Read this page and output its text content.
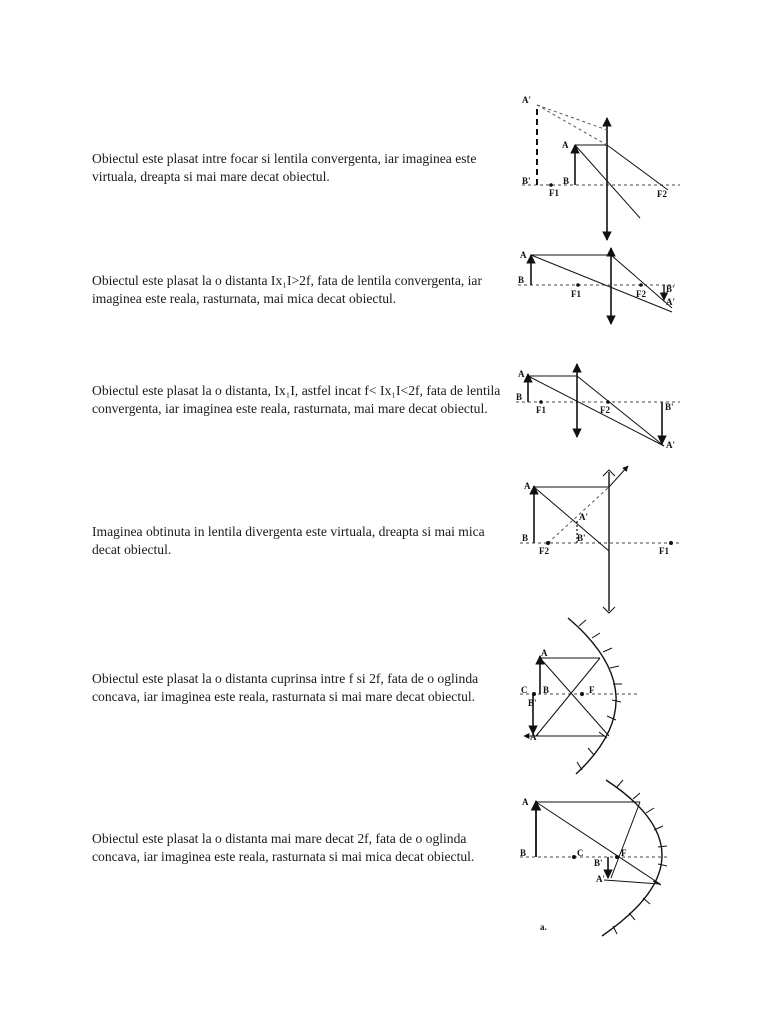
Obiectul este plasat intre focar si lentila convergenta, iar imaginea este virtuala, dreapta si mai mare decat obiectul.

A'
A
B'	B
F1	F2

Obiectul este plasat la o distanta Ix₁I>2f, fata de lentila convergenta, iar imaginea este reala, rasturnata, mai mica decat obiectul.

A
B
F1	F2 B'
A'

Obiectul este plasat la o distanta, Ix₁I, astfel incat f< Ix₁I<2f, fata de lentila convergenta, iar imaginea este reala, rasturnata, mai mare decat obiectul.

A
B
F1	F2	B'
A'

Imaginea obtinuta in lentila divergenta este virtuala, dreapta si mai mica decat obiectul.

A
B
A'
B'
F2	F1

Obiectul este plasat la o distanta cuprinsa intre f si 2f, fata de o oglinda concava, iar imaginea este reala, rasturnata si mai mare decat obiectul.

A
C B
B'
F
A'

Obiectul este plasat la o distanta mai mare decat 2f, fata de o oglinda concava, iar imaginea este reala, rasturnata si mai mica decat obiectul.

A
B	C	F
B'
A'
a.
